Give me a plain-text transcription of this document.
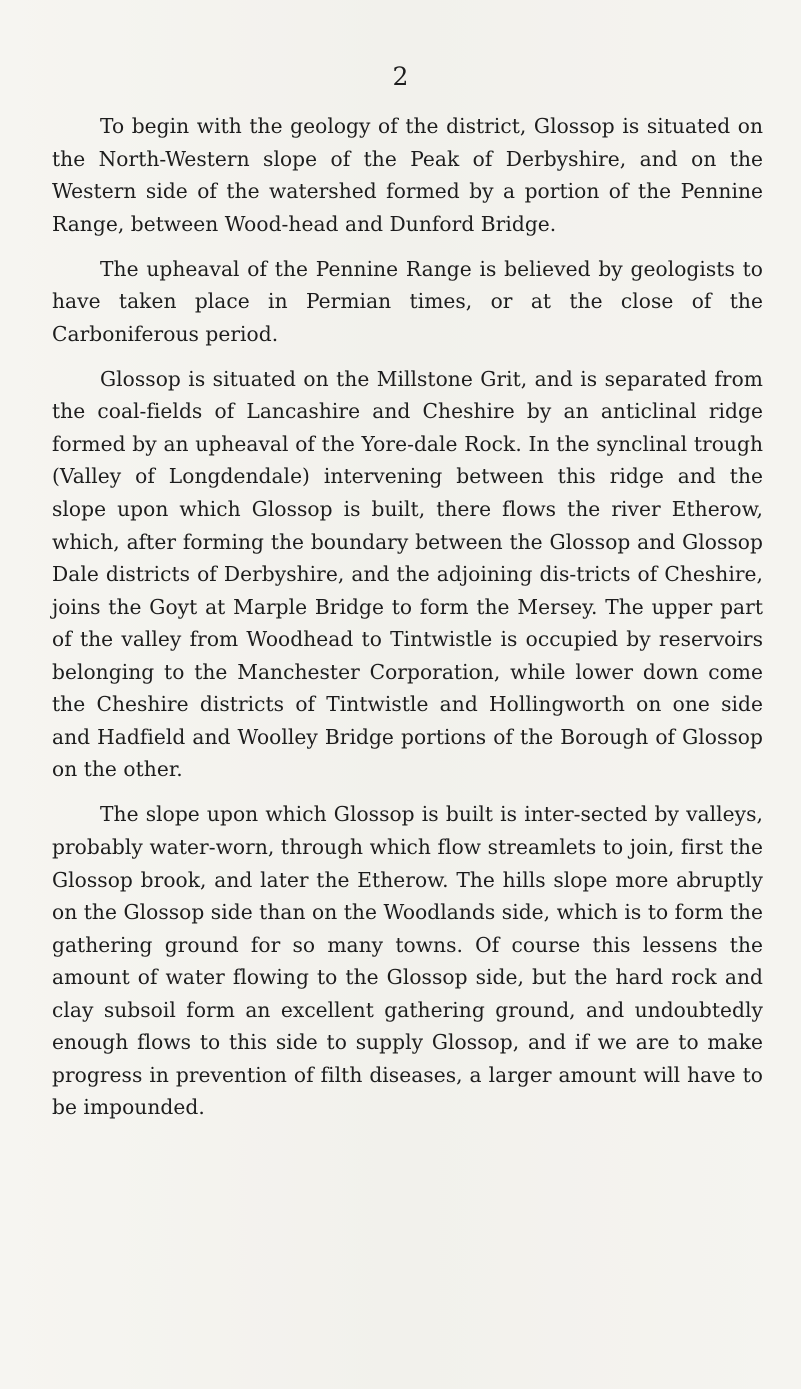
2

To begin with the geology of the district, Glossop is situated on the North-Western slope of the Peak of Derbyshire, and on the Western side of the watershed formed by a portion of the Pennine Range, between Wood-head and Dunford Bridge.

The upheaval of the Pennine Range is believed by geologists to have taken place in Permian times, or at the close of the Carboniferous period.

Glossop is situated on the Millstone Grit, and is separated from the coal-fields of Lancashire and Cheshire by an anticlinal ridge formed by an upheaval of the Yore-dale Rock. In the synclinal trough (Valley of Longdendale) intervening between this ridge and the slope upon which Glossop is built, there flows the river Etherow, which, after forming the boundary between the Glossop and Glossop Dale districts of Derbyshire, and the adjoining dis-tricts of Cheshire, joins the Goyt at Marple Bridge to form the Mersey. The upper part of the valley from Woodhead to Tintwistle is occupied by reservoirs belonging to the Manchester Corporation, while lower down come the Cheshire districts of Tintwistle and Hollingworth on one side and Hadfield and Woolley Bridge portions of the Borough of Glossop on the other.

The slope upon which Glossop is built is inter-sected by valleys, probably water-worn, through which flow streamlets to join, first the Glossop brook, and later the Etherow. The hills slope more abruptly on the Glossop side than on the Woodlands side, which is to form the gathering ground for so many towns. Of course this lessens the amount of water flowing to the Glossop side, but the hard rock and clay subsoil form an excellent gathering ground, and undoubtedly enough flows to this side to supply Glossop, and if we are to make progress in prevention of filth diseases, a larger amount will have to be impounded.
